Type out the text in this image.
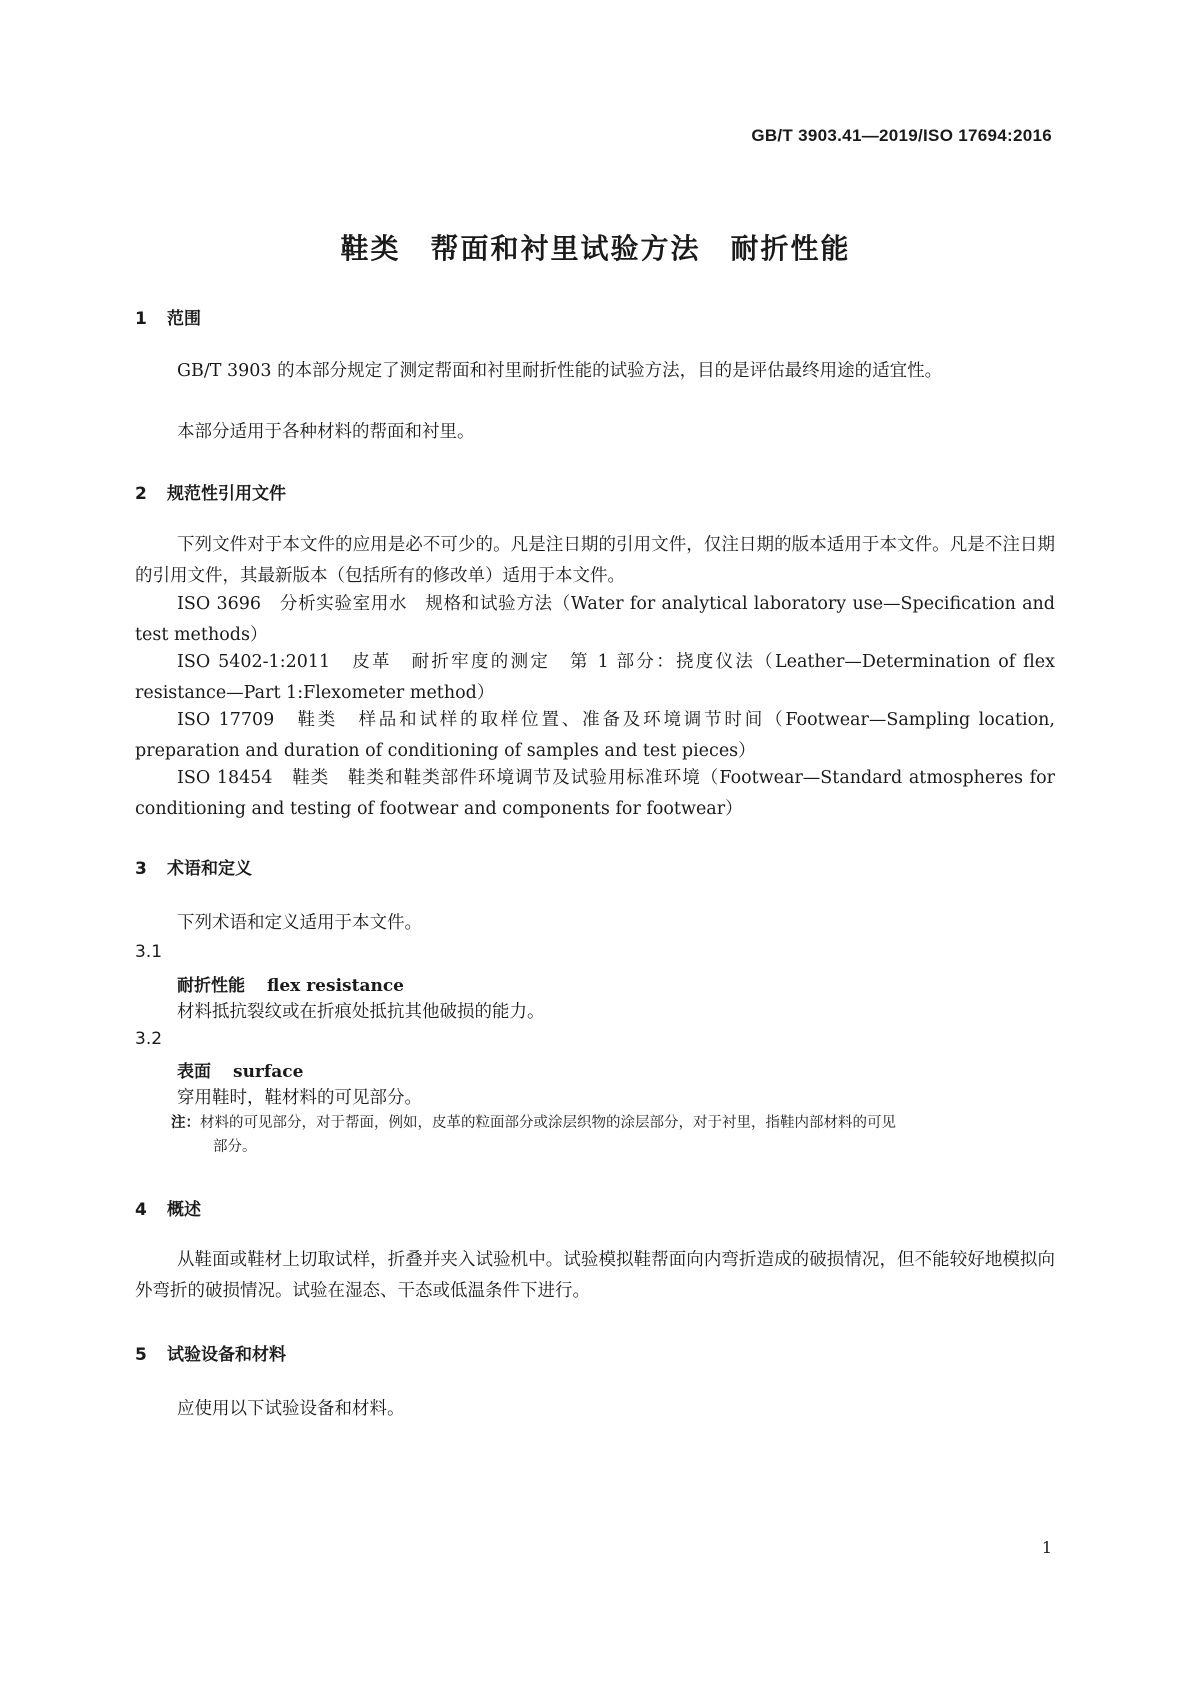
GB/T 3903.41—2019/ISO 17694:2016
鞋类　帮面和衬里试验方法　耐折性能
1 范围

GB/T 3903 的本部分规定了测定帮面和衬里耐折性能的试验方法，目的是评估最终用途的适宜性。

本部分适用于各种材料的帮面和衬里。

2 规范性引用文件

下列文件对于本文件的应用是必不可少的。凡是注日期的引用文件，仅注日期的版本适用于本文件。凡是不注日期的引用文件，其最新版本（包括所有的修改单）适用于本文件。

ISO 3696　分析实验室用水　规格和试验方法（Water for analytical laboratory use—Specification and test methods）

ISO 5402-1:2011　皮革　耐折牢度的测定　第 1 部分：挠度仪法（Leather—Determination of flex resistance—Part 1:Flexometer method）

ISO 17709　鞋类　样品和试样的取样位置、准备及环境调节时间（Footwear—Sampling location, preparation and duration of conditioning of samples and test pieces）

ISO 18454　鞋类　鞋类和鞋类部件环境调节及试验用标准环境（Footwear—Standard atmospheres for conditioning and testing of footwear and components for footwear）

3 术语和定义

下列术语和定义适用于本文件。

3.1
耐折性能 flex resistance
材料抵抗裂纹或在折痕处抵抗其他破损的能力。
3.2
表面 surface
穿用鞋时，鞋材料的可见部分。
注：材料的可见部分，对于帮面，例如，皮革的粒面部分或涂层织物的涂层部分，对于衬里，指鞋内部材料的可见
部分。
4 概述

从鞋面或鞋材上切取试样，折叠并夹入试验机中。试验模拟鞋帮面向内弯折造成的破损情况，但不能较好地模拟向外弯折的破损情况。试验在湿态、干态或低温条件下进行。

5 试验设备和材料

应使用以下试验设备和材料。

1
